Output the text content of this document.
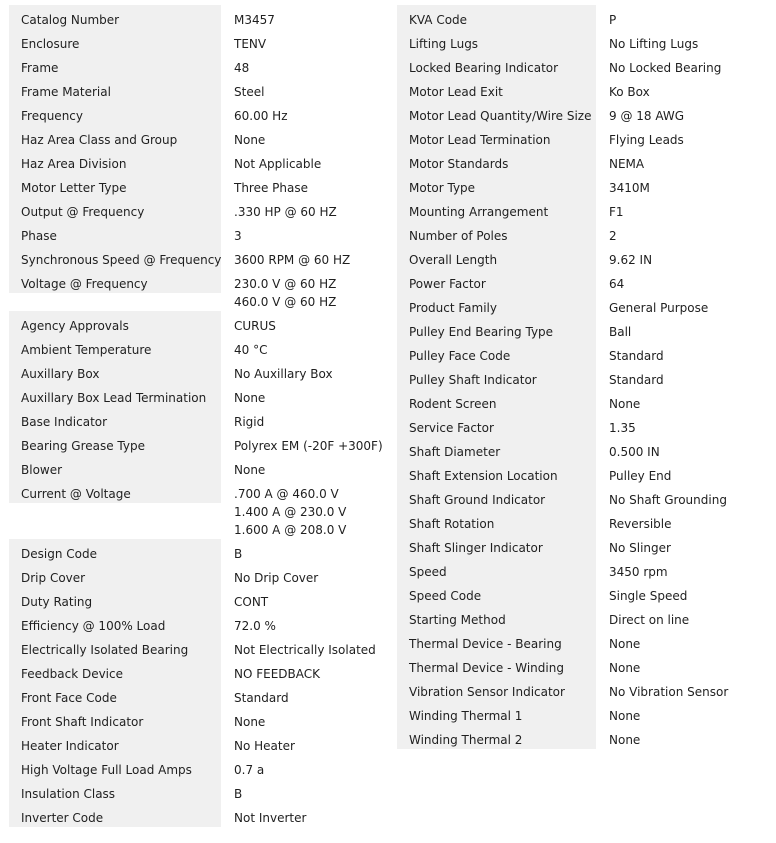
Catalog Number	M3457
Enclosure	TENV
Frame	48
Frame Material	Steel
Frequency	60.00 Hz
Haz Area Class and Group	None
Haz Area Division	Not Applicable
Motor Letter Type	Three Phase
Output @ Frequency	.330 HP @ 60 HZ
Phase	3
Synchronous Speed @ Frequency 3600 RPM @ 60 HZ
Voltage @ Frequency	230.0 V @ 60 HZ
460.0 V @ 60 HZ
Agency Approvals	CURUS
Ambient Temperature	40 °C
Auxillary Box	No Auxillary Box
Auxillary Box Lead Termination	None
Base Indicator	Rigid
Bearing Grease Type	Polyrex EM (-20F +300F)
Blower	None
Current @ Voltage	.700 A @ 460.0 V
1.400 A @ 230.0 V
1.600 A @ 208.0 V
Design Code	B
Drip Cover	No Drip Cover
Duty Rating	CONT
Efficiency @ 100% Load	72.0 %
Electrically Isolated Bearing	Not Electrically Isolated
Feedback Device	NO FEEDBACK
Front Face Code	Standard
Front Shaft Indicator	None
Heater Indicator	No Heater
High Voltage Full Load Amps	0.7 a
Insulation Class	B
Inverter Code	Not Inverter
KVA Code	P
Lifting Lugs	No Lifting Lugs
Locked Bearing Indicator	No Locked Bearing
Motor Lead Exit	Ko Box
Motor Lead Quantity/Wire Size	9 @ 18 AWG
Motor Lead Termination	Flying Leads
Motor Standards	NEMA
Motor Type	3410M
Mounting Arrangement	F1
Number of Poles	2
Overall Length	9.62 IN
Power Factor	64
Product Family	General Purpose
Pulley End Bearing Type	Ball
Pulley Face Code	Standard
Pulley Shaft Indicator	Standard
Rodent Screen	None
Service Factor	1.35
Shaft Diameter	0.500 IN
Shaft Extension Location	Pulley End
Shaft Ground Indicator	No Shaft Grounding
Shaft Rotation	Reversible
Shaft Slinger Indicator	No Slinger
Speed	3450 rpm
Speed Code	Single Speed
Starting Method	Direct on line
Thermal Device - Bearing	None
Thermal Device - Winding	None
Vibration Sensor Indicator	No Vibration Sensor
Winding Thermal 1	None
Winding Thermal 2	None
